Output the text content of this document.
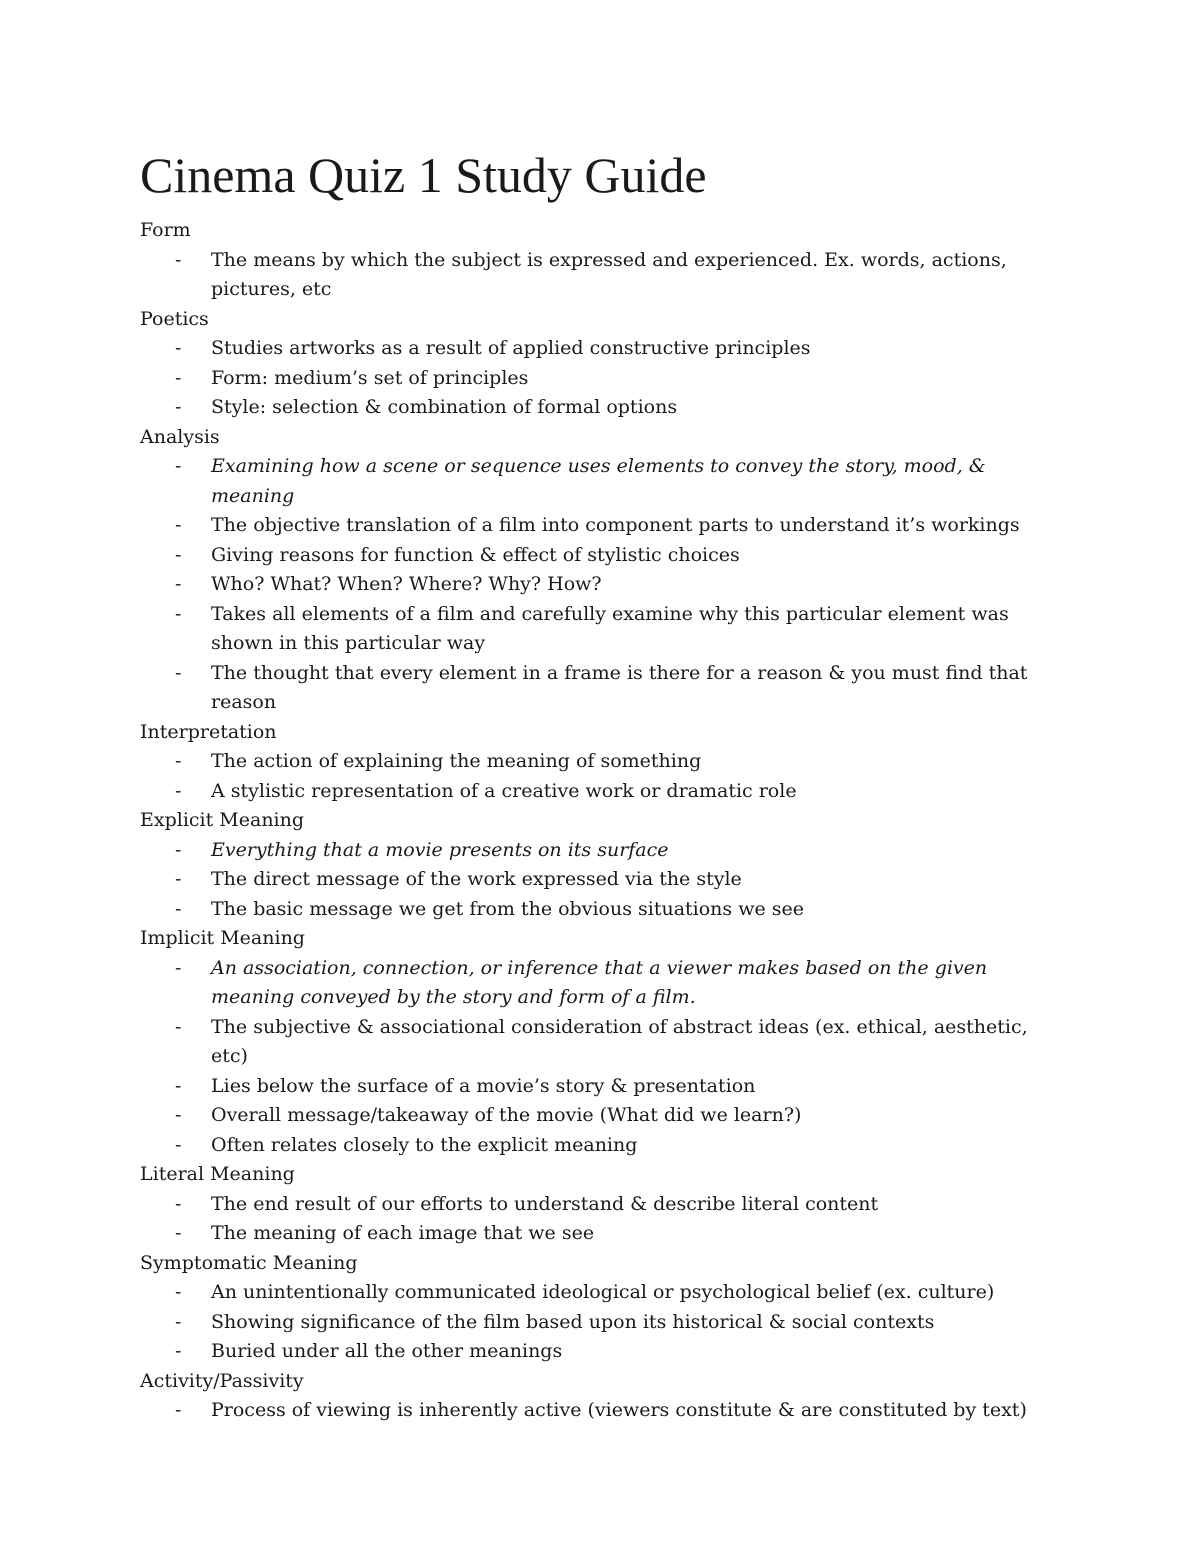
Cinema Quiz 1 Study Guide
Form
- The means by which the subject is expressed and experienced. Ex. words, actions, pictures, etc
Poetics
- Studies artworks as a result of applied constructive principles
- Form: medium’s set of principles
- Style: selection & combination of formal options
Analysis
- Examining how a scene or sequence uses elements to convey the story, mood, & meaning
- The objective translation of a film into component parts to understand it’s workings
- Giving reasons for function & effect of stylistic choices
- Who? What? When? Where? Why? How?
- Takes all elements of a film and carefully examine why this particular element was shown in this particular way
- The thought that every element in a frame is there for a reason & you must find that reason
Interpretation
- The action of explaining the meaning of something
- A stylistic representation of a creative work or dramatic role
Explicit Meaning
- Everything that a movie presents on its surface
- The direct message of the work expressed via the style
- The basic message we get from the obvious situations we see
Implicit Meaning
- An association, connection, or inference that a viewer makes based on the given meaning conveyed by the story and form of a film.
- The subjective & associational consideration of abstract ideas (ex. ethical, aesthetic, etc)
- Lies below the surface of a movie’s story & presentation
- Overall message/takeaway of the movie (What did we learn?)
- Often relates closely to the explicit meaning
Literal Meaning
- The end result of our efforts to understand & describe literal content
- The meaning of each image that we see
Symptomatic Meaning
- An unintentionally communicated ideological or psychological belief (ex. culture)
- Showing significance of the film based upon its historical & social contexts
- Buried under all the other meanings
Activity/Passivity
- Process of viewing is inherently active (viewers constitute & are constituted by text)
